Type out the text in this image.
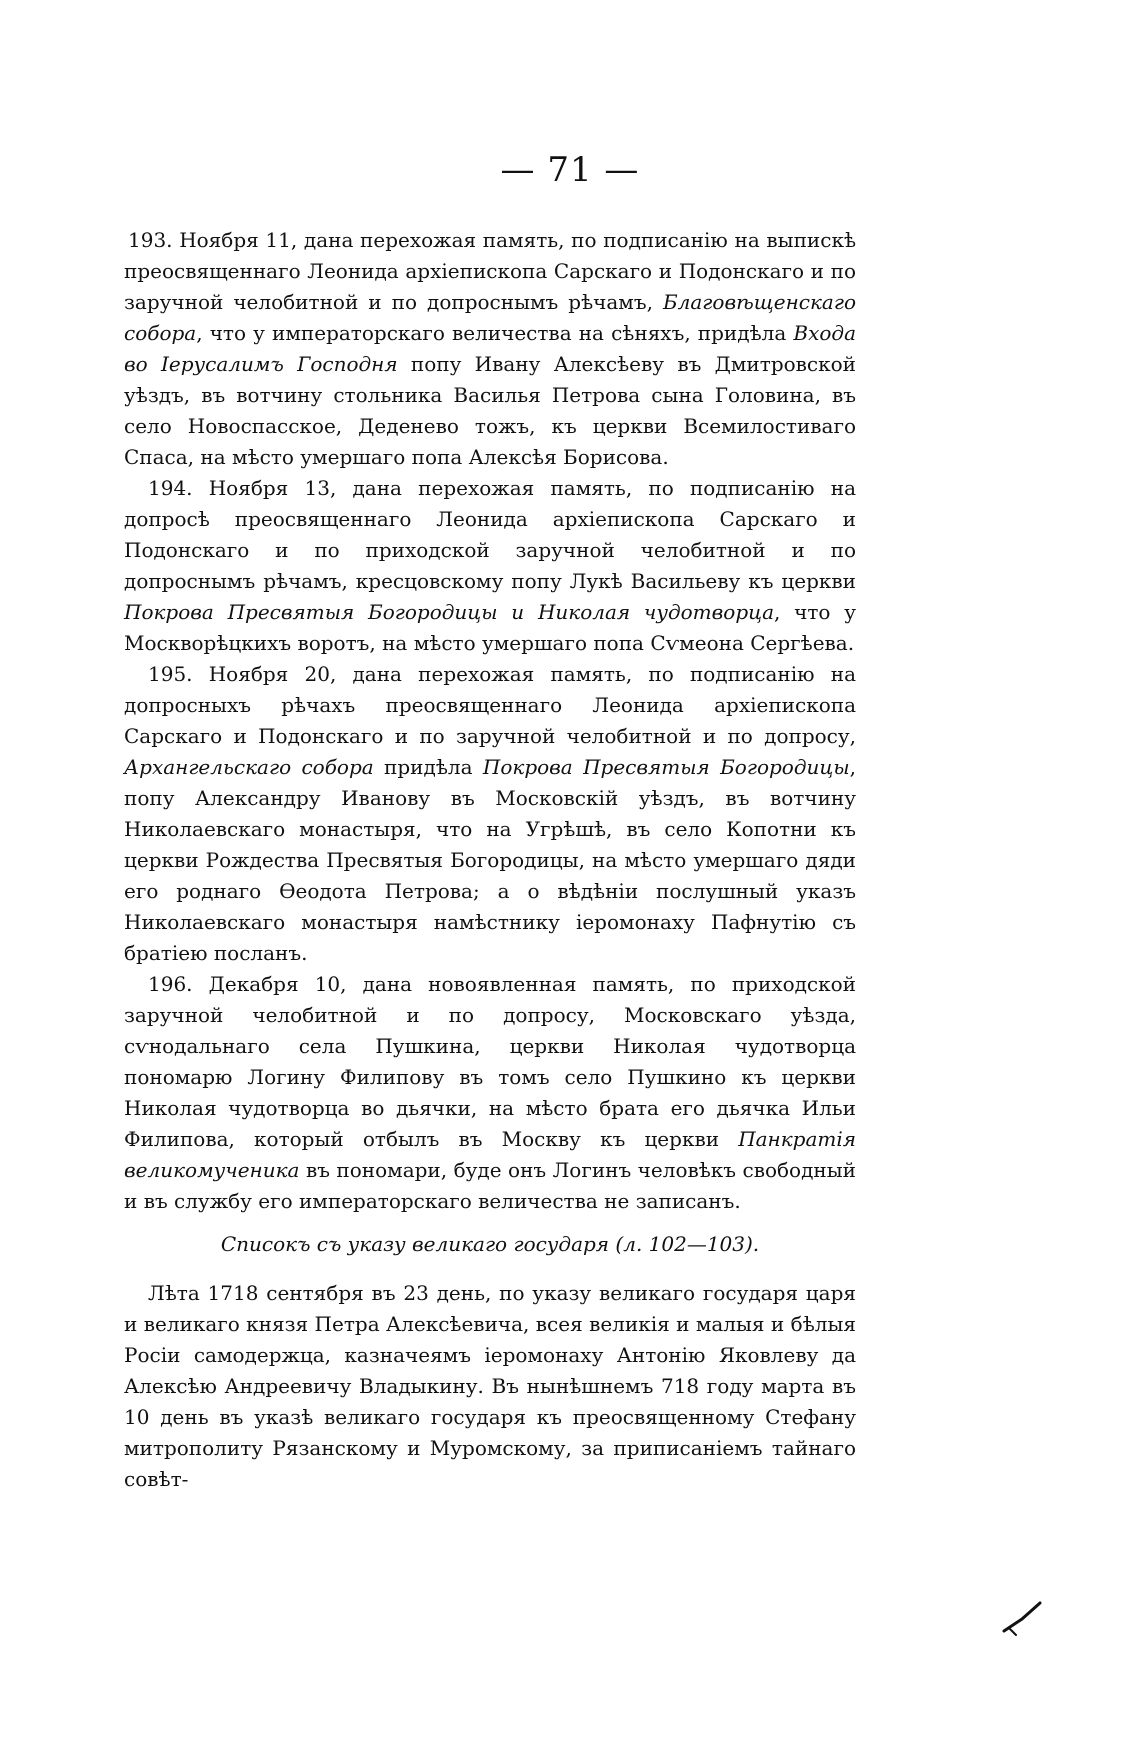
— 71 —

193. Ноября 11, дана перехожая память, по подписанію на выпискѣ преосвященнаго Леонида архіепископа Сарскаго и Подонскаго и по заручной челобитной и по допроснымъ рѣчамъ, Благовѣщенскаго собора, что у императорскаго величества на сѣняхъ, придѣла Входа во Іерусалимъ Господня попу Ивану Алексѣеву въ Дмитровской уѣздъ, въ вотчину стольника Василья Петрова сына Головина, въ село Новоспасское, Деденево тожъ, къ церкви Всемилостиваго Спаса, на мѣсто умершаго попа Алексѣя Борисова.

194. Ноября 13, дана перехожая память, по подписанію на допросѣ преосвященнаго Леонида архіепископа Сарскаго и Подонскаго и по приходской заручной челобитной и по допроснымъ рѣчамъ, кресцовскому попу Лукѣ Васильеву къ церкви Покрова Пресвятыя Богородицы и Николая чудотворца, что у Москворѣцкихъ воротъ, на мѣсто умершаго попа Сѵмеона Сергѣева.

195. Ноября 20, дана перехожая память, по подписанію на допросныхъ рѣчахъ преосвященнаго Леонида архіепископа Сарскаго и Подонскаго и по заручной челобитной и по допросу, Архангельскаго собора придѣла Покрова Пресвятыя Богородицы, попу Александру Иванову въ Московскій уѣздъ, въ вотчину Николаевскаго монастыря, что на Угрѣшѣ, въ село Копотни къ церкви Рождества Пресвятыя Богородицы, на мѣсто умершаго дяди его роднаго Ѳеодота Петрова; а о вѣдѣніи послушный указъ Николаевскаго монастыря намѣстнику іеромонаху Пафнутію съ братіею посланъ.

196. Декабря 10, дана новоявленная память, по приходской заручной челобитной и по допросу, Московскаго уѣзда, сѵнодальнаго села Пушкина, церкви Николая чудотворца пономарю Логину Филипову въ томъ село Пушкино къ церкви Николая чудотворца во дьячки, на мѣсто брата его дьячка Ильи Филипова, который отбылъ въ Москву къ церкви Панкратія великомученика въ пономари, буде онъ Логинъ человѣкъ свободный и въ службу его императорскаго величества не записанъ.

Списокъ съ указу великаго государя (л. 102—103).

Лѣта 1718 сентября въ 23 день, по указу великаго государя царя и великаго князя Петра Алексѣевича, всея великія и малыя и бѣлыя Росіи самодержца, казначеямъ іеромонаху Антонію Яковлеву да Алексѣю Андреевичу Владыкину. Въ нынѣшнемъ 718 году марта въ 10 день въ указѣ великаго государя къ преосвященному Стефану митрополиту Рязанскому и Муромскому, за приписаніемъ тайнаго совѣт-
